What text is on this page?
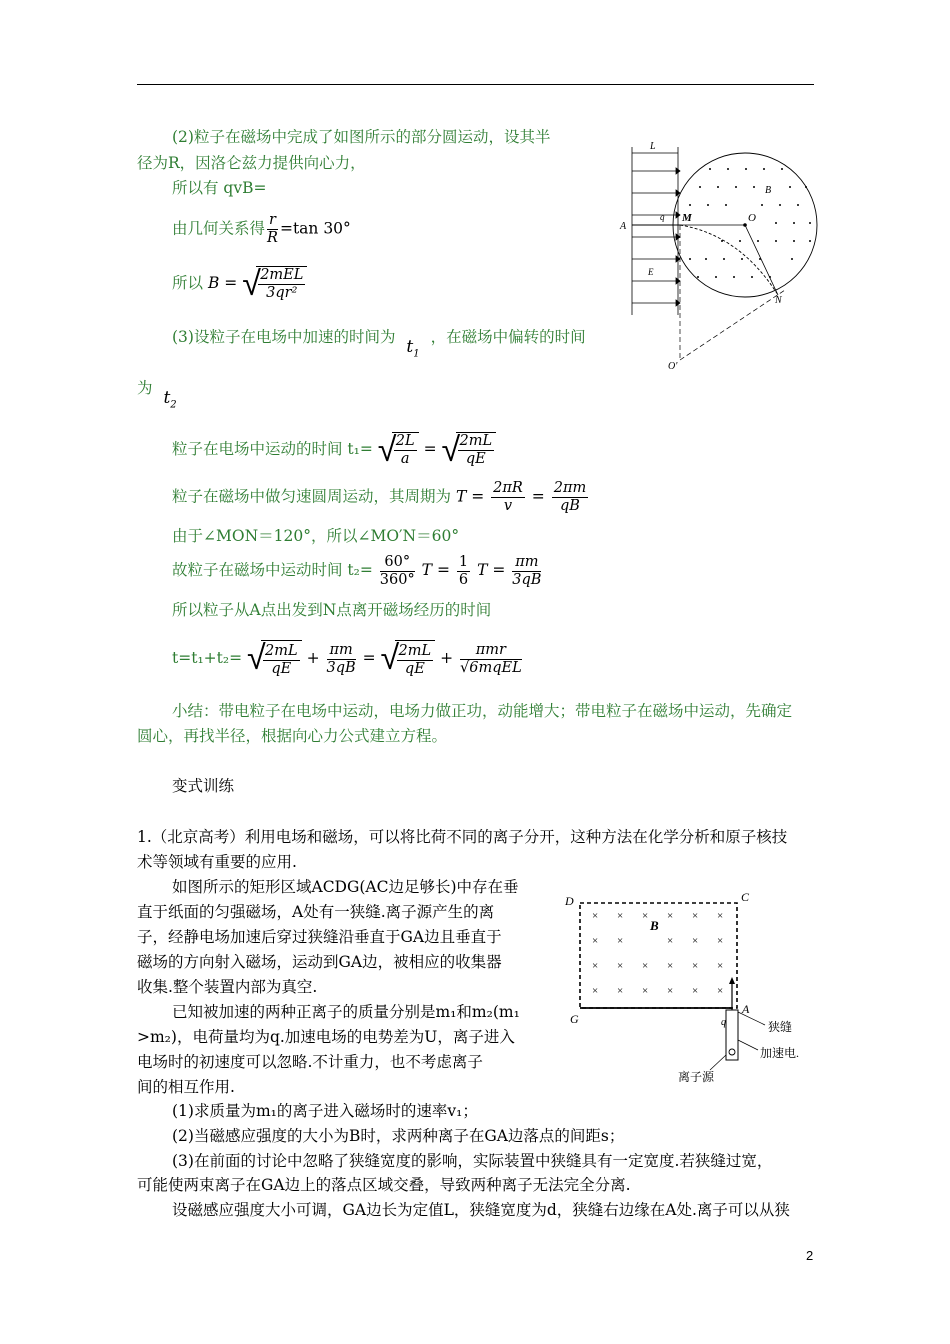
(2)粒子在磁场中完成了如图所示的部分圆运动，设其半
径为R，因洛仑兹力提供向心力，
所以有 qvB=
由几何关系得 $\frac{r}{R} =\tan$ 30°
所以 B = √
$\frac{\text{2mEL}}{\text{3qr²}}$
(3)设粒子在电场中加速的时间为 $t_1$ ，在磁场中偏转的时间
为 $t_2$
粒子在电场中运动的时间 t₁= √
$\frac{2L}{a}$ = √
$\frac{2mL}{qE}$
粒子在磁场中做匀速圆周运动，其周期为 $T = \frac{2\pi R}{v} = \frac{2\pi m}{qB}$
由于∠MON＝120°，所以∠MO′N＝60°
故粒子在磁场中运动时间 $t_2= \frac{60^\circ}{360^\circ}$ $T = \frac{1}{6}$ $T = \frac{\pi m}{3qB}$
所以粒子从A点出发到N点离开磁场经历的时间
t=t₁+t₂= √
$\frac{2mL}{qE} + \frac{\pi m}{3qB}$ = √
$\frac{2mL}{qE} + \frac{\text{πmr}}{\text{√6mqEL}}$
小结：带电粒子在电场中运动，电场力做正功，动能增大；带电粒子在磁场中运动，先确定
圆心，再找半径，根据向心力公式建立方程。
变式训练
1.（北京高考）利用电场和磁场，可以将比荷不同的离子分开，这种方法在化学分析和原子核技
术等领域有重要的应用.
如图所示的矩形区域ACDG(AC边足够长)中存在垂
直于纸面的匀强磁场，A处有一狭缝.离子源产生的离
子，经静电场加速后穿过狭缝沿垂直于GA边且垂直于
磁场的方向射入磁场，运动到GA边，被相应的收集器
收集.整个装置内部为真空.
已知被加速的两种正离子的质量分别是m₁和m₂(m₁
>m₂)，电荷量均为q.加速电场的电势差为U，离子进入
电场时的初速度可以忽略.不计重力，也不考虑离子
间的相互作用.
(1)求质量为m₁的离子进入磁场时的速率v₁；
(2)当磁感应强度的大小为B时，求两种离子在GA边落点的间距s；
(3)在前面的讨论中忽略了狭缝宽度的影响，实际装置中狭缝具有一定宽度.若狭缝过宽，
可能使两束离子在GA边上的落点区域交叠，导致两种离子无法完全分离.
设磁感应强度大小可调，GA边长为定值L，狭缝宽度为d，狭缝右边缘在A处.离子可以从狭
L
A
q
E
B
M	O
N
O'
D	C
B
G
A
q
× × × × × ×
× ×	× × ×
× × × × × ×
× × × × × ×
狭缝
加速电.
离子源
2
